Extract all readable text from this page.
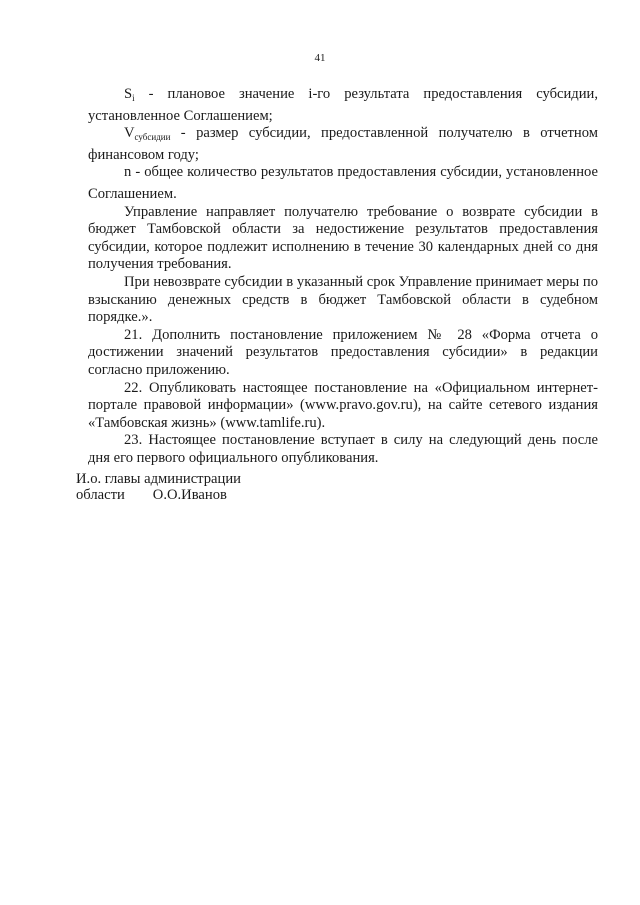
41

$S_i$ - плановое значение i-го результата предоставления субсидии, установленное Соглашением;

$V_{субсидии}$ - размер субсидии, предоставленной получателю в отчетном финансовом году;

n - общее количество результатов предоставления субсидии, установленное Соглашением.

Управление направляет получателю требование о возврате субсидии в бюджет Тамбовской области за недостижение результатов предоставления субсидии, которое подлежит исполнению в течение 30 календарных дней со дня получения требования.

При невозврате субсидии в указанный срок Управление принимает меры по взысканию денежных средств в бюджет Тамбовской области в судебном порядке.».

21. Дополнить постановление приложением № 28 «Форма отчета о достижении значений результатов предоставления субсидии» в редакции согласно приложению.

22. Опубликовать настоящее постановление на «Официальном интернет-портале правовой информации» (www.pravo.gov.ru), на сайте сетевого издания «Тамбовская жизнь» (www.tamlife.ru).

23. Настоящее постановление вступает в силу на следующий день после дня его первого официального опубликования.

И.о. главы администрации
области О.О.Иванов
